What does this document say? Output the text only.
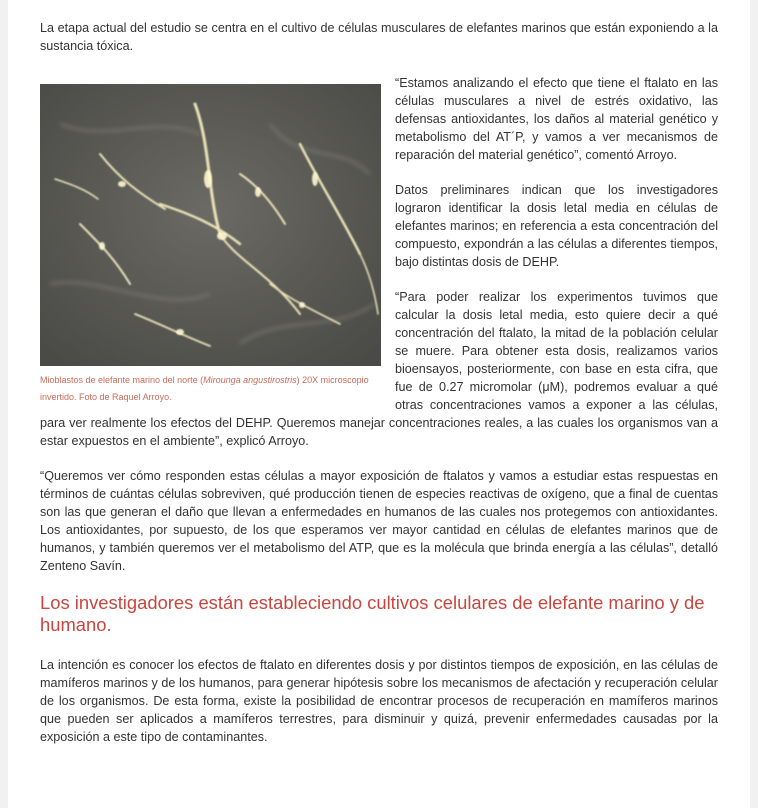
La etapa actual del estudio se centra en el cultivo de células musculares de elefantes marinos que están exponiendo a la sustancia tóxica.

Mioblastos de elefante marino del norte (Mirounga angustirostris) 20X microscopio invertido. Foto de Raquel Arroyo.

“Estamos analizando el efecto que tiene el ftalato en las células musculares a nivel de estrés oxidativo, las defensas antioxidantes, los daños al material genético y metabolismo del AT´P, y vamos a ver mecanismos de reparación del material genético”, comentó Arroyo.

Datos preliminares indican que los investigadores lograron identificar la dosis letal media en células de elefantes marinos; en referencia a esta concentración del compuesto, expondrán a las células a diferentes tiempos, bajo distintas dosis de DEHP.

“Para poder realizar los experimentos tuvimos que calcular la dosis letal media, esto quiere decir a qué concentración del ftalato, la mitad de la población celular se muere. Para obtener esta dosis, realizamos varios bioensayos, posteriormente, con base en esta cifra, que fue de 0.27 micromolar (μM), podremos evaluar a qué otras concentraciones vamos a exponer a las células, para ver realmente los efectos del DEHP. Queremos manejar concentraciones reales, a las cuales los organismos van a estar expuestos en el ambiente”, explicó Arroyo.

“Queremos ver cómo responden estas células a mayor exposición de ftalatos y vamos a estudiar estas respuestas en términos de cuántas células sobreviven, qué producción tienen de especies reactivas de oxígeno, que a final de cuentas son las que generan el daño que llevan a enfermedades en humanos de las cuales nos protegemos con antioxidantes. Los antioxidantes, por supuesto, de los que esperamos ver mayor cantidad en células de elefantes marinos que de humanos, y también queremos ver el metabolismo del ATP, que es la molécula que brinda energía a las células”, detalló Zenteno Savín.

Los investigadores están estableciendo cultivos celulares de elefante marino y de humano.

La intención es conocer los efectos de ftalato en diferentes dosis y por distintos tiempos de exposición, en las células de mamíferos marinos y de los humanos, para generar hipótesis sobre los mecanismos de afectación y recuperación celular de los organismos. De esta forma, existe la posibilidad de encontrar procesos de recuperación en mamíferos marinos que pueden ser aplicados a mamíferos terrestres, para disminuir y quizá, prevenir enfermedades causadas por la exposición a este tipo de contaminantes.
